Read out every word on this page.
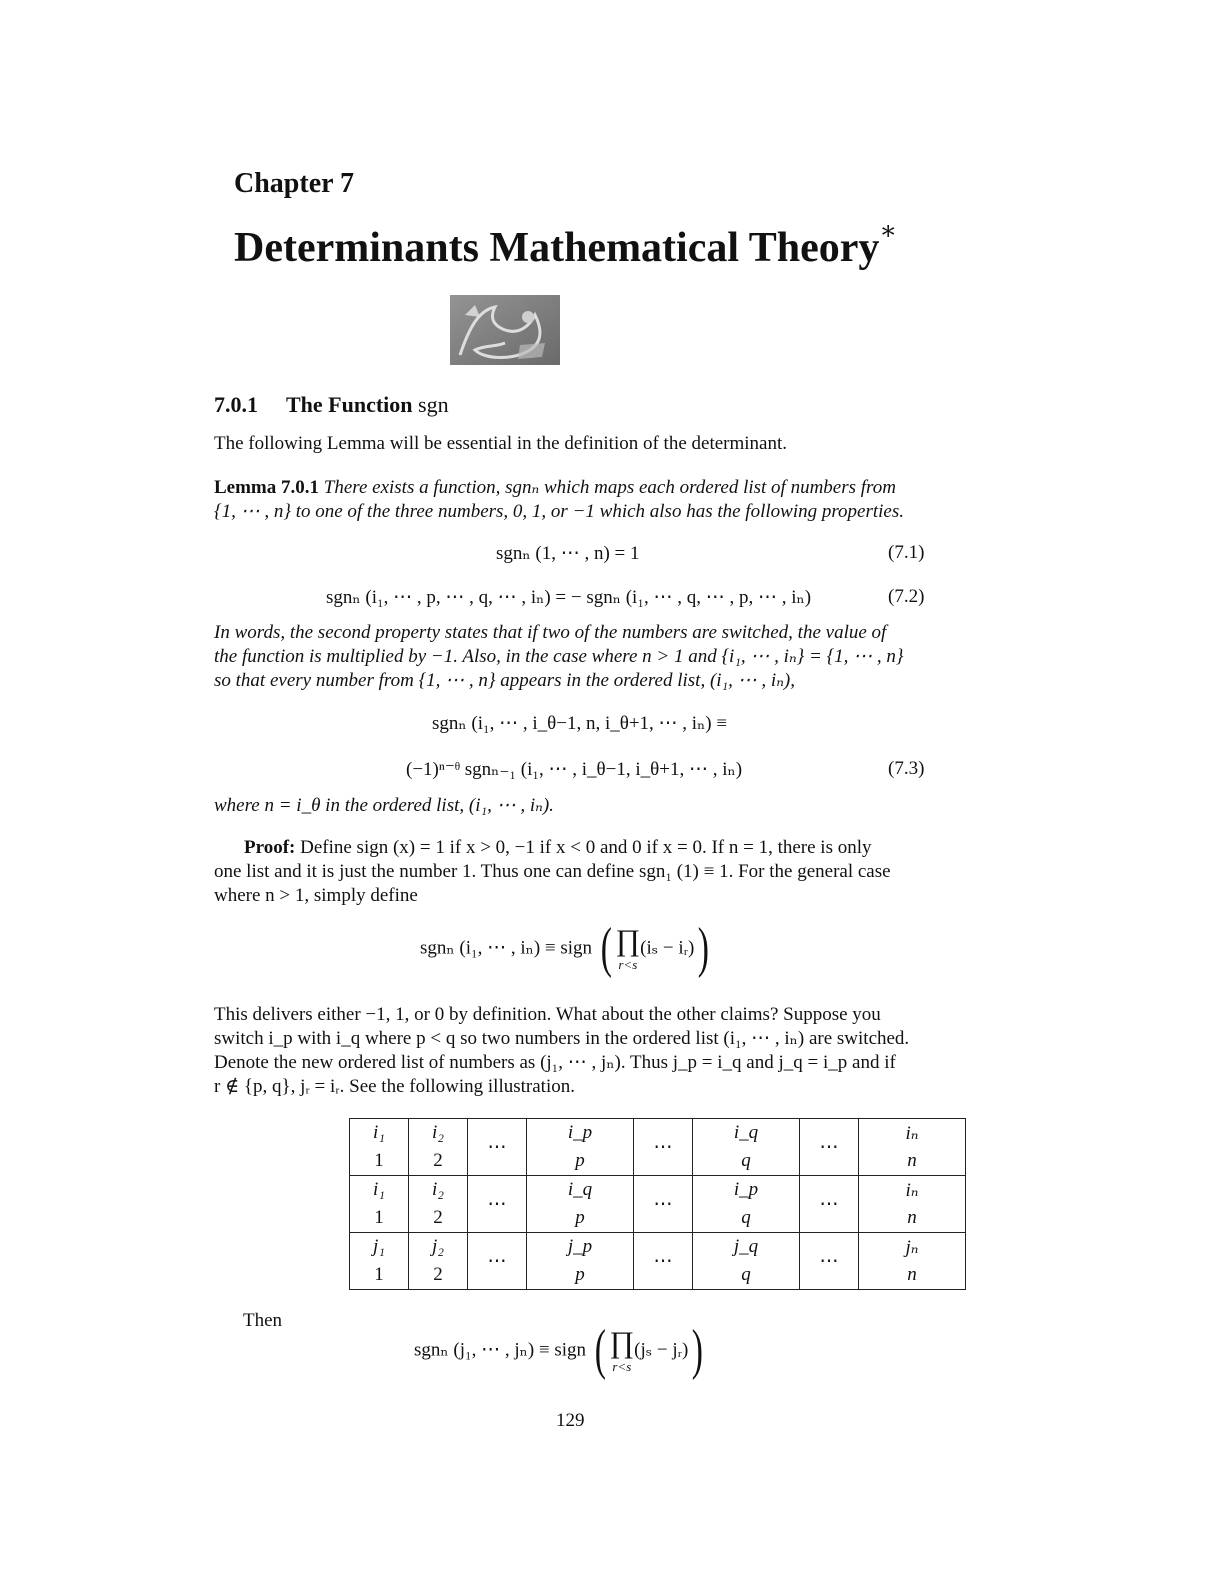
Chapter 7
Determinants Mathematical Theory∗
7.0.1 The Function sgn
The following Lemma will be essential in the definition of the determinant.
Lemma 7.0.1 There exists a function, sgnₙ which maps each ordered list of numbers from
{1, ⋯ , n} to one of the three numbers, 0, 1, or −1 which also has the following properties.
sgnₙ (1, ⋯ , n) = 1	(7.1)
sgnₙ (i₁, ⋯ , p, ⋯ , q, ⋯ , iₙ) = − sgnₙ (i₁, ⋯ , q, ⋯ , p, ⋯ , iₙ)	(7.2)
In words, the second property states that if two of the numbers are switched, the value of
the function is multiplied by −1. Also, in the case where n > 1 and {i₁, ⋯ , iₙ} = {1, ⋯ , n}
so that every number from {1, ⋯ , n} appears in the ordered list, (i₁, ⋯ , iₙ),
sgnₙ (i₁, ⋯ , i_θ−1, n, i_θ+1, ⋯ , iₙ) ≡
(−1)ⁿ⁻ᶿ sgnₙ₋₁ (i₁, ⋯ , i_θ−1, i_θ+1, ⋯ , iₙ)	(7.3)
where n = i_θ in the ordered list, (i₁, ⋯ , iₙ).
Proof: Define sign (x) = 1 if x > 0, −1 if x < 0 and 0 if x = 0. If n = 1, there is only
one list and it is just the number 1. Thus one can define sgn₁ (1) ≡ 1. For the general case
where n > 1, simply define
sgnₙ (i₁, ⋯ , iₙ) ≡ sign ( ∏
r<s
(iₛ − iᵣ))
This delivers either −1, 1, or 0 by definition. What about the other claims? Suppose you
switch i_p with i_q where p < q so two numbers in the ordered list (i₁, ⋯ , iₙ) are switched.
Denote the new ordered list of numbers as (j₁, ⋯ , jₙ). Thus j_p = i_q and j_q = i_p and if
r ∉ {p, q}, jᵣ = iᵣ. See the following illustration.
i₁	i₂	⋯	i_p	⋯	i_q	⋯	iₙ
1	2		p		q		n
i₁	i₂	⋯	i_q	⋯	i_p	⋯	iₙ
1	2		p		q		n
j₁	j₂	⋯	j_p	⋯	j_q	⋯	jₙ
1	2		p		q		n
Then
sgnₙ (j₁, ⋯ , jₙ) ≡ sign ( ∏
r<s
(jₛ − jᵣ))
129
